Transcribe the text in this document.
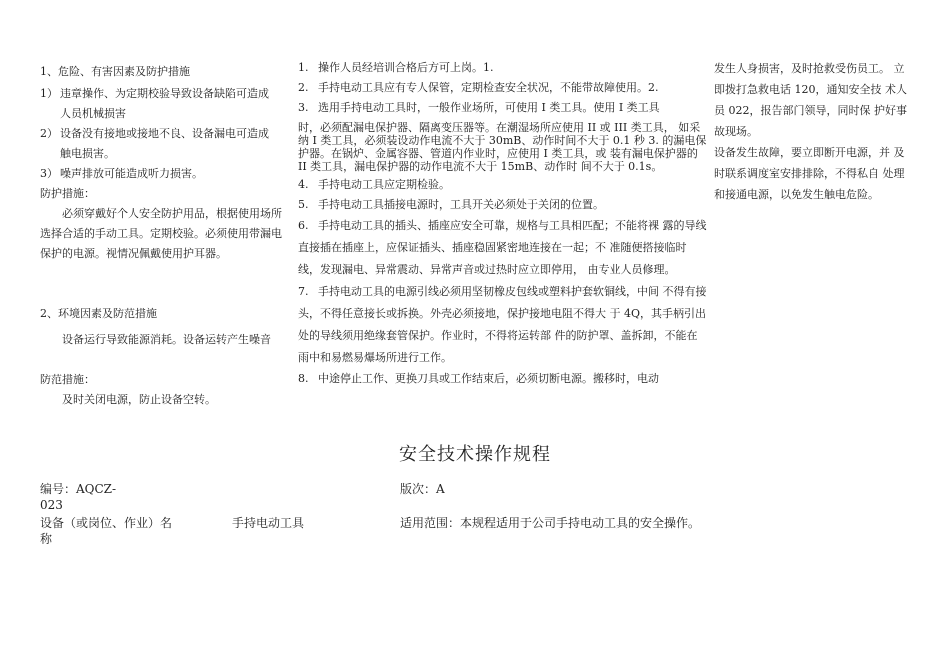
1、危险、有害因素及防护措施

1） 违章操作、为定期校验导致设备缺陷可造成

人员机械损害

2） 设备没有接地或接地不良、设备漏电可造成

触电损害。

3） 噪声排放可能造成听力损害。

防护措施：

必须穿戴好个人安全防护用品，根据使用场所选择合适的手动工具。定期校验。必须使用带漏电保护的电源。视情况佩戴使用护耳器。

2、环境因素及防范措施

设备运行导致能源消耗。设备运转产生噪音

防范措施：

及时关闭电源，防止设备空转。

1. 操作人员经培训合格后方可上岗。1.

2. 手持电动工具应有专人保管，定期检查安全状况，不能带故障使用。2.

3. 选用手持电动工具时，一般作业场所，可使用 I 类工具。使用 I 类工具

时，必须配漏电保护器、隔离变压器等。在潮湿场所应使用 II 或 III 类工具， 如采纳 I 类工具，必须装设动作电流不大于 30mB、动作时间不大于 0.1 秒 3. 的漏电保护器。在锅炉、金属容器、管道内作业时，应使用 I 类工具，或 装有漏电保护器的 II 类工具，漏电保护器的动作电流不大于 15mB、动作时 间不大于 0.1s。

4. 手持电动工具应定期检验。

5. 手持电动工具插接电源时，工具开关必须处于关闭的位置。

6. 手持电动工具的插头、插座应安全可靠，规格与工具相匹配；不能将裸 露的导线直接插在插座上，应保证插头、插座稳固紧密地连接在一起；不 准随便搭接临时线，发现漏电、异常震动、异常声音或过热时应立即停用， 由专业人员修理。

7. 手持电动工具的电源引线必须用坚韧橡皮包线或塑料护套软铜线，中间 不得有接头，不得任意接长或拆换。外壳必须接地，保护接地电阻不得大 于 4Q，其手柄引出处的导线须用绝缘套管保护。作业时，不得将运转部 件的防护罩、盖拆卸，不能在雨中和易燃易爆场所进行工作。

8. 中途停止工作、更换刀具或工作结束后，必须切断电源。搬移时，电动

发生人身损害，及时抢救受伤员工。 立即拨打急救电话 120，通知安全技 术人员 022，报告部门领导，同时保 护好事故现场。

设备发生故障，要立即断开电源，并 及时联系调度室安排排除，不得私自 处理和接通电源，以免发生触电危险。

安全技术操作规程
编号：AQCZ-
023
版次：A
设备（或岗位、作业）名
称
手持电动工具	适用范围：本规程适用于公司手持电动工具的安全操作。
